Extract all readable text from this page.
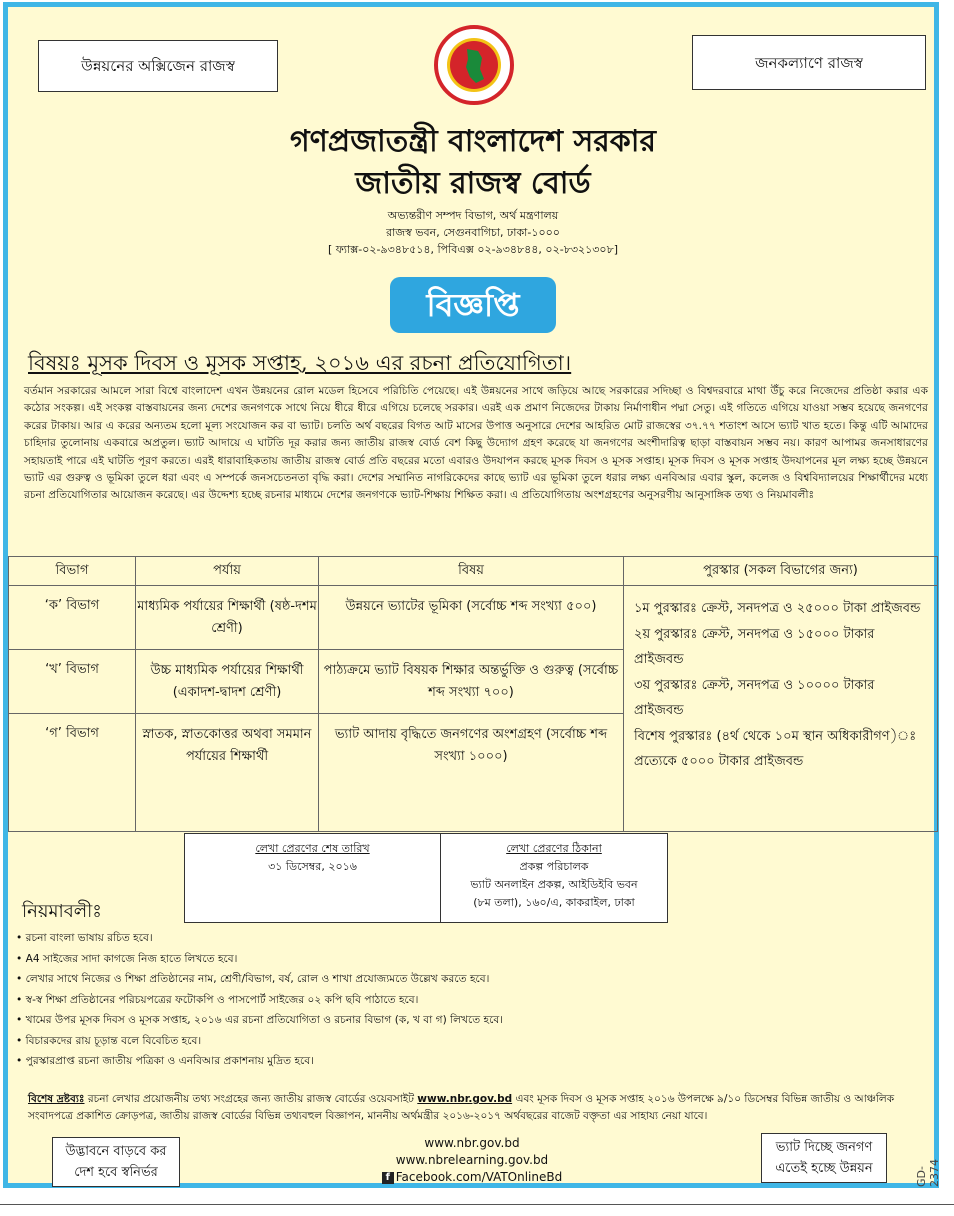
উন্নয়নের অক্সিজেন রাজস্ব	জনকল্যাণে রাজস্ব
গণপ্রজাতন্ত্রী বাংলাদেশ সরকার
জাতীয় রাজস্ব বোর্ড
অভ্যন্তরীণ সম্পদ বিভাগ, অর্থ মন্ত্রণালয়
রাজস্ব ভবন, সেগুনবাগিচা, ঢাকা-১০০০
[ ফ্যাক্স-০২-৯৩৪৮৫১৪, পিবিএক্স ০২-৯৩৪৮৪৪, ০২-৮৩২১৩০৮]
বিজ্ঞপ্তি
বিষয়ঃ মূসক দিবস ও মূসক সপ্তাহ, ২০১৬ এর রচনা প্রতিযোগিতা।
বর্তমান সরকারের আমলে সারা বিশ্বে বাংলাদেশ এখন উন্নয়নের রোল মডেল হিসেবে পরিচিতি পেয়েছে। এই উন্নয়নের সাথে জড়িয়ে আছে সরকারের সদিচ্ছা ও বিশ্বদরবারে মাথা উঁচু করে নিজেদের প্রতিষ্ঠা করার এক কঠোর সংকল্প। এই সংকল্প বাস্তবায়নের জন্য দেশের জনগণকে সাথে নিয়ে ধীরে ধীরে এগিয়ে চলেছে সরকার। এরই এক প্রমাণ নিজেদের টাকায় নির্মাণাধীন পদ্মা সেতু। এই গতিতে এগিয়ে যাওয়া সম্ভব হয়েছে জনগণের করের টাকায়। আর এ করের অন্যতম হলো মূল্য সংযোজন কর বা ভ্যাট। চলতি অর্থ বছরের বিগত আট মাসের উপাত্ত অনুসারে দেশের আহরিত মোট রাজস্বের ৩৭.৭৭ শতাংশ আসে ভ্যাট খাত হতে। কিন্তু এটি আমাদের চাহিদার তুলোনায় একবারে অপ্রতুল। ভ্যাট আদায়ে এ ঘাটতি দূর করার জন্য জাতীয় রাজস্ব বোর্ড বেশ কিছু উদ্যোগ গ্রহণ করেছে যা জনগণের অংশীদারিত্ব ছাড়া বাস্তবায়ন সম্ভব নয়। কারণ আপামর জনসাধারণের সহায়তাই পারে এই ঘাটতি পূরণ করতে। এরই ধারাবাহিকতায় জাতীয় রাজস্ব বোর্ড প্রতি বছরের মতো এবারও উদযাপন করছে মূসক দিবস ও মূসক সপ্তাহ। মূসক দিবস ও মূসক সপ্তাহ উদযাপনের মূল লক্ষ্য হচ্ছে উন্নয়নে ভ্যাট এর গুরুত্ব ও ভূমিকা তুলে ধরা এবং এ সম্পর্কে জনসচেতনতা বৃদ্ধি করা। দেশের সম্মানিত নাগরিকেদের কাছে ভ্যাট এর ভূমিকা তুলে ধরার লক্ষ্য এনবিআর এবার স্কুল, কলেজ ও বিশ্ববিদ্যালয়ের শিক্ষার্থীদের মধ্যে রচনা প্রতিযোগিতার আয়োজন করেছে। এর উদ্দেশ্য হচ্ছে রচনার মাধ্যমে দেশের জনগণকে ভ্যাট-শিক্ষায় শিক্ষিত করা। এ প্রতিযোগিতায় অংশগ্রহণের অনুসরণীয় আনুসাঙ্গিক তথ্য ও নিয়মাবলীঃ
বিভাগ	পর্যায়	বিষয়	পুরস্কার (সকল বিভাগের জন্য)
‘ক’ বিভাগ	মাধ্যমিক পর্যায়ের শিক্ষার্থী (ষষ্ঠ-দশম শ্রেণী)	উন্নয়নে ভ্যাটের ভূমিকা (সর্বোচ্চ শব্দ সংখ্যা ৫০০)	১ম পুরস্কারঃ ক্রেস্ট, সনদপত্র ও ২৫০০০ টাকা প্রাইজবন্ড
২য় পুরস্কারঃ ক্রেস্ট, সনদপত্র ও ১৫০০০ টাকার প্রাইজবন্ড
৩য় পুরস্কারঃ ক্রেস্ট, সনদপত্র ও ১০০০০ টাকার প্রাইজবন্ড
বিশেষ পুরস্কারঃ (৪র্থ থেকে ১০ম স্থান অধিকারীগণ)ঃ
প্রত্যেকে ৫০০০ টাকার প্রাইজবন্ড

‘খ’ বিভাগ	উচ্চ মাধ্যমিক পর্যায়ের শিক্ষার্থী (একাদশ-দ্বাদশ শ্রেণী)	পাঠ্যক্রমে ভ্যাট বিষয়ক শিক্ষার অন্তর্ভুক্তি ও গুরুত্ব (সর্বোচ্চ শব্দ সংখ্যা ৭০০)	
‘গ’ বিভাগ	স্নাতক, স্নাতকোত্তর অথবা সমমান পর্যায়ের শিক্ষার্থী	ভ্যাট আদায় বৃদ্ধিতে জনগণের অংশগ্রহণ (সর্বোচ্চ শব্দ সংখ্যা ১০০০)	
লেখা প্রেরণের শেষ তারিখ
৩১ ডিসেম্বর, ২০১৬
লেখা প্রেরণের ঠিকানা
প্রকল্প পরিচালক
ভ্যাট অনলাইন প্রকল্প, আইডিইবি ভবন
(৮ম তলা), ১৬০/এ, কাকরাইল, ঢাকা
নিয়মাবলীঃ
• রচনা বাংলা ভাষায় রচিত হবে।
• A4 সাইজের সাদা কাগজে নিজ হাতে লিখতে হবে।
• লেখার সাথে নিজের ও শিক্ষা প্রতিষ্ঠানের নাম, শ্রেণী/বিভাগ, বর্ষ, রোল ও শাখা প্রযোজ্যমতে উল্লেখ করতে হবে।
• স্ব-স্ব শিক্ষা প্রতিষ্ঠানের পরিচয়পত্রের ফটোকপি ও পাসপোর্ট সাইজের ০২ কপি ছবি পাঠাতে হবে।
• খামের উপর মূসক দিবস ও মূসক সপ্তাহ, ২০১৬ এর রচনা প্রতিযোগিতা ও রচনার বিভাগ (ক, খ বা গ) লিখতে হবে।
• বিচারকদের রায় চূড়ান্ত বলে বিবেচিত হবে।
• পুরস্কারপ্রাপ্ত রচনা জাতীয় পত্রিকা ও এনবিআর প্রকাশনায় মুদ্রিত হবে।
বিশেষ দ্রষ্টব্যঃ রচনা লেখার প্রয়োজনীয় তথ্য সংগ্রহের জন্য জাতীয় রাজস্ব বোর্ডের ওয়েবসাইট www.nbr.gov.bd এবং মূসক দিবস ও মূসক সপ্তাহ ২০১৬ উপলক্ষে ৯/১০ ডিসেম্বর বিভিন্ন জাতীয় ও আঞ্চলিক সংবাদপত্রে প্রকাশিত ক্রোড়পত্র, জাতীয় রাজস্ব বোর্ডের বিভিন্ন তথ্যবহুল বিজ্ঞাপন, মাননীয় অর্থমন্ত্রীর ২০১৬-২০১৭ অর্থবছরের বাজেট বক্তৃতা এর সাহায্য নেয়া যাবে।
উদ্ভাবনে বাড়বে কর
দেশ হবে স্বনির্ভর
www.nbr.gov.bd
www.nbrelearning.gov.bd
f Facebook.com/VATOnlineBd
ভ্যাট দিচ্ছে জনগণ
এতেই হচ্ছে উন্নয়ন	GD-2374
